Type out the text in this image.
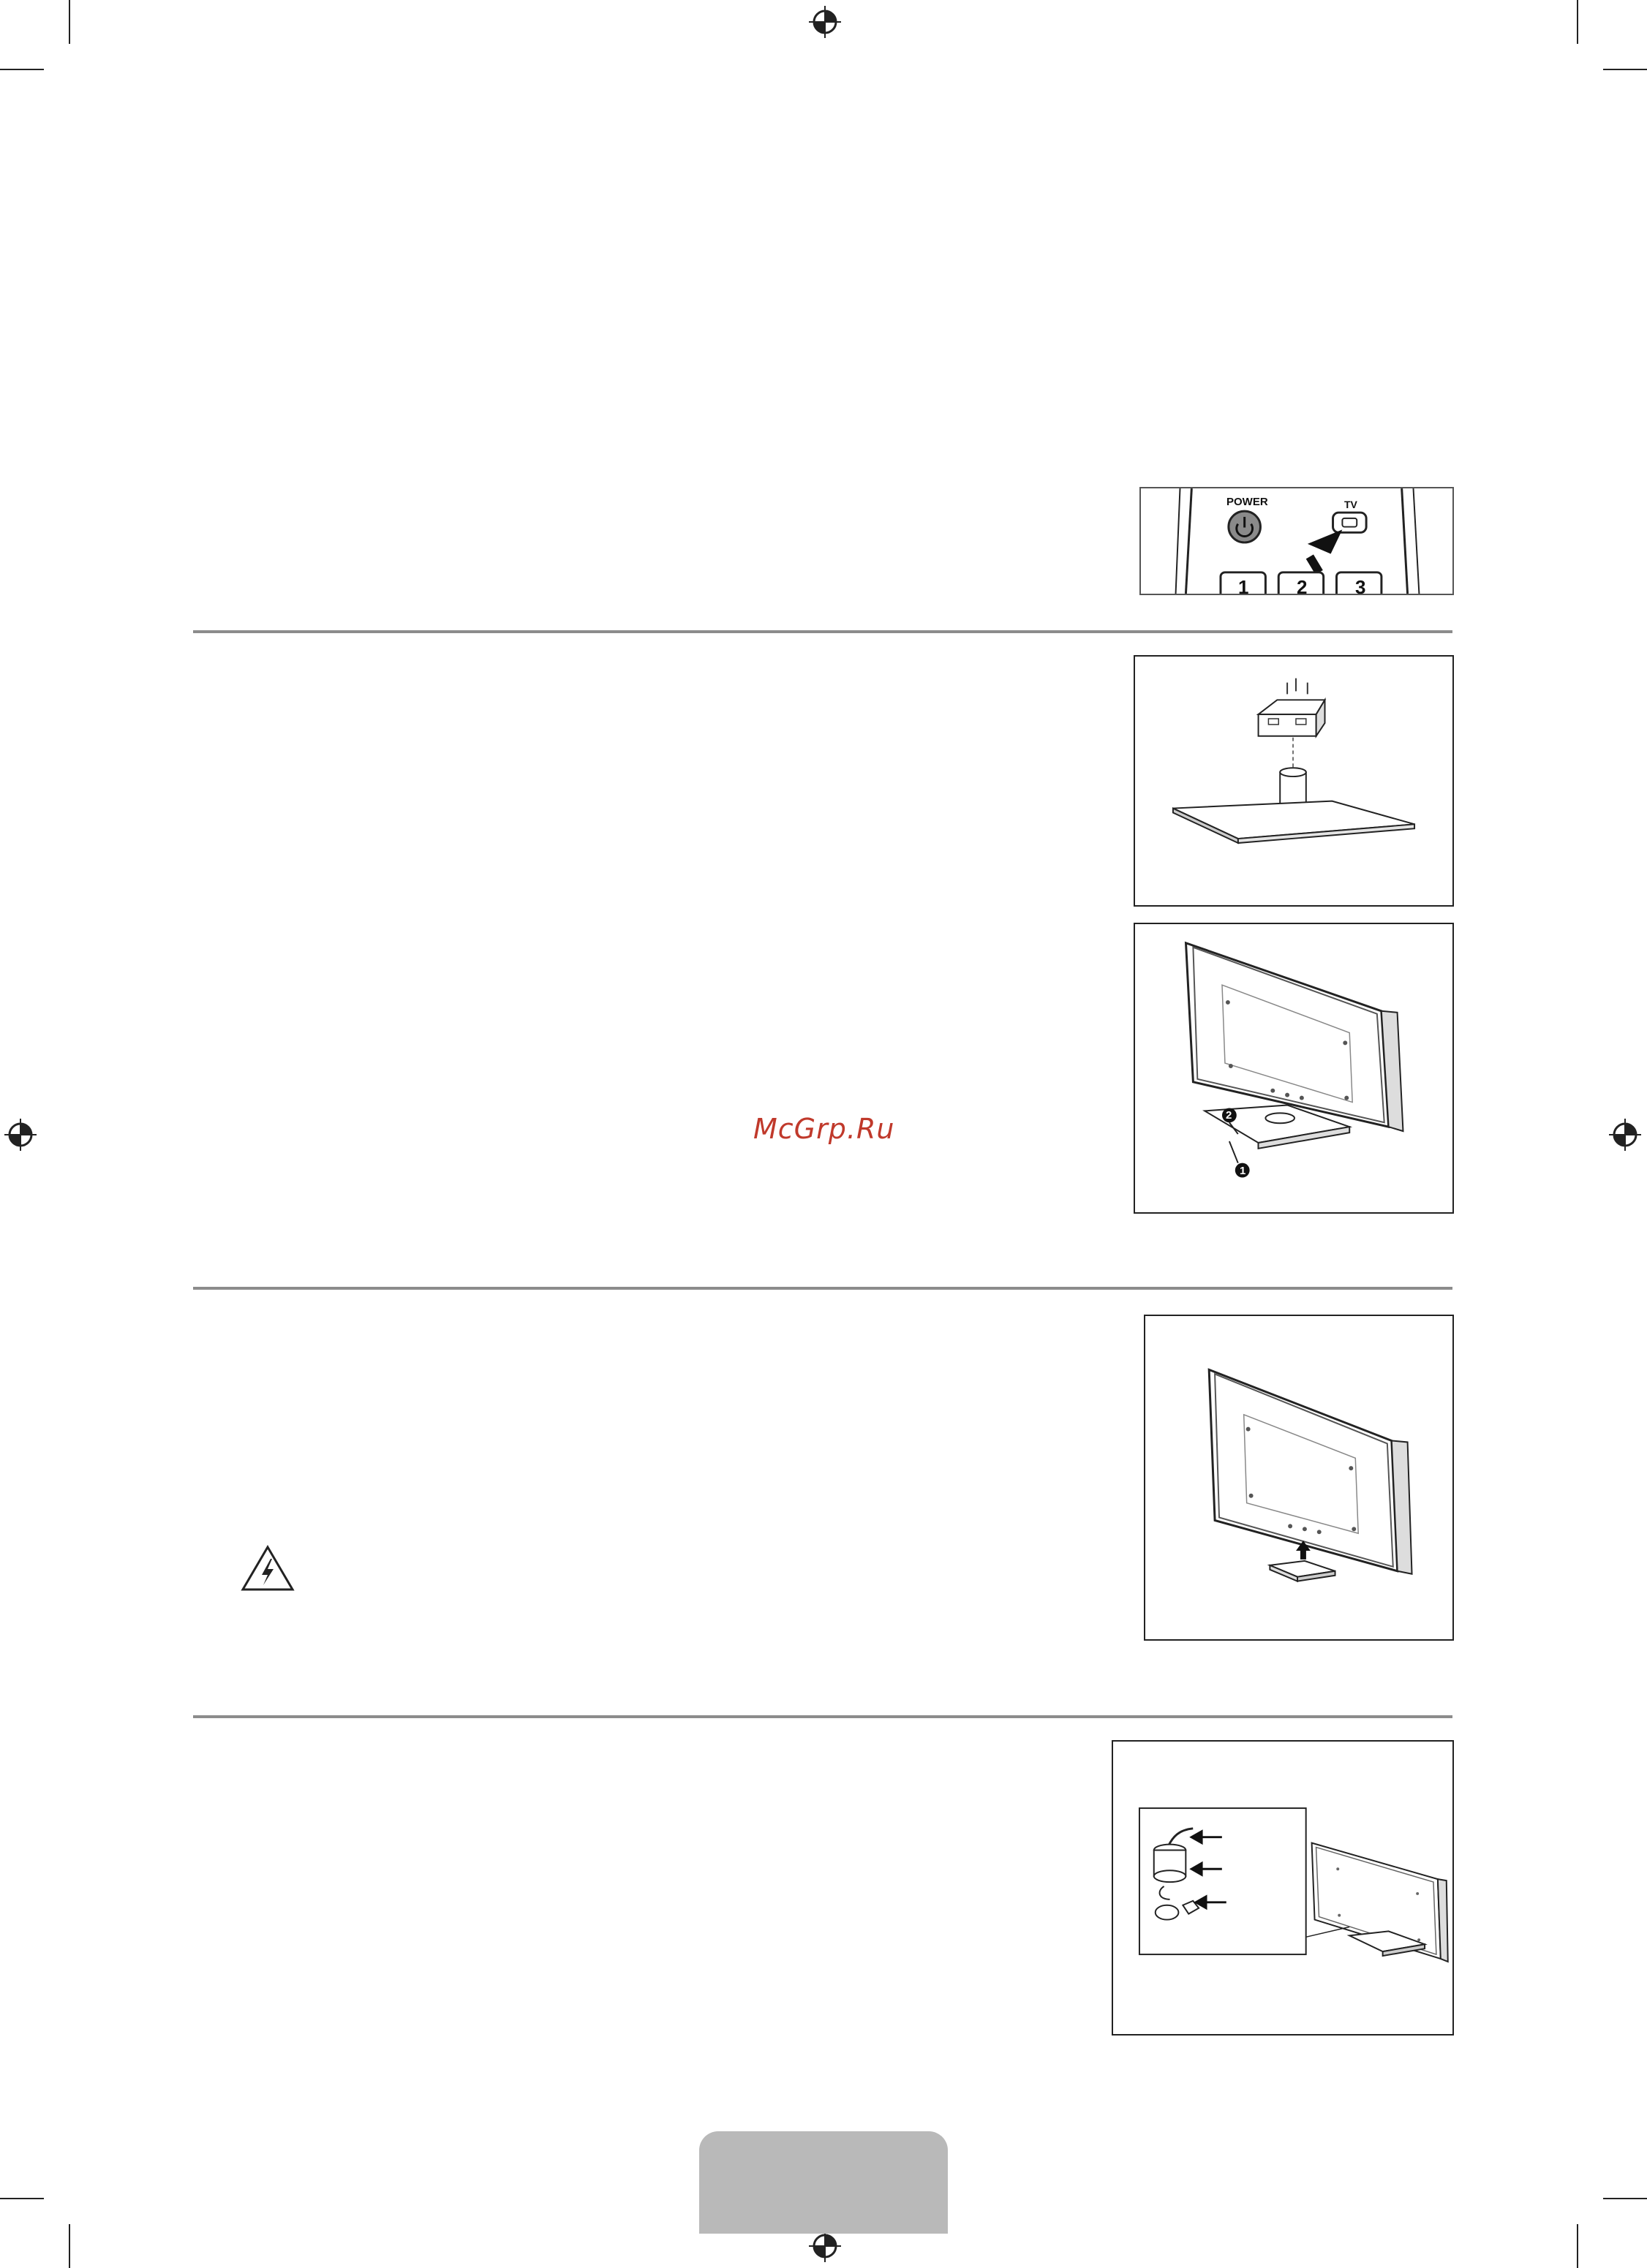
POWER	TV
1	2	3
2
1
McGrp.Ru
